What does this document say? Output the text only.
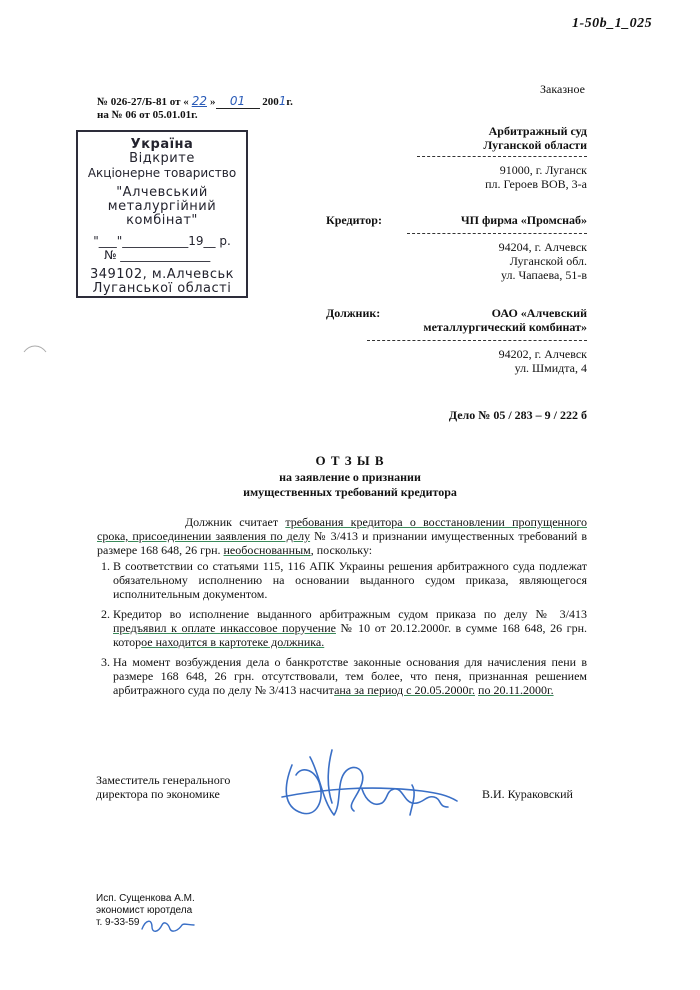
1-50b_1_025
Заказное
№ 026-27/Б-81 от « 22 » 01 2001г.
на № 06 от 05.01.01г.
Арбитражный суд
Луганской области
91000, г. Луганск
пл. Героев ВОВ, 3-а
Україна
Відкрите
Акціонерне товариство
"Алчевський
металургійний
комбінат"
"___"___________19__ р.
№ _______________
349102, м.Алчевськ
Луганської області
Кредитор:	ЧП фирма «Промснаб»
94204, г. Алчевск
Луганской обл.
ул. Чапаева, 51-в
Должник:	ОАО «Алчевский
металлургический комбинат»
94202, г. Алчевск
ул. Шмидта, 4
Дело № 05 / 283 – 9 / 222 б
О Т З Ы В
на заявление о признании
имущественных требований кредитора
Должник считает требования кредитора о восстановлении пропущенного срока, присоединении заявления по делу № 3/413 и признании имущественных требований в размере 168 648, 26 грн. необоснованным, поскольку:
1. В соответствии со статьями 115, 116 АПК Украины решения арбитражного суда подлежат обязательному исполнению на основании выданного судом приказа, являющегося исполнительным документом.
2. Кредитор во исполнение выданного арбитражным судом приказа по делу № 3/413 предъявил к оплате инкассовое поручение № 10 от 20.12.2000г. в сумме 168 648, 26 грн. которое находится в картотеке должника.
3. На момент возбуждения дела о банкротстве законные основания для начисления пени в размере 168 648, 26 грн. отсутствовали, тем более, что пеня, признанная решением арбитражного суда по делу № 3/413 насчитана за период с 20.05.2000г. по 20.11.2000г.
Заместитель генерального
директора по экономике	В.И. Кураковский
Исп. Сущенкова А.М.
экономист юротдела
т. 9-33-59
